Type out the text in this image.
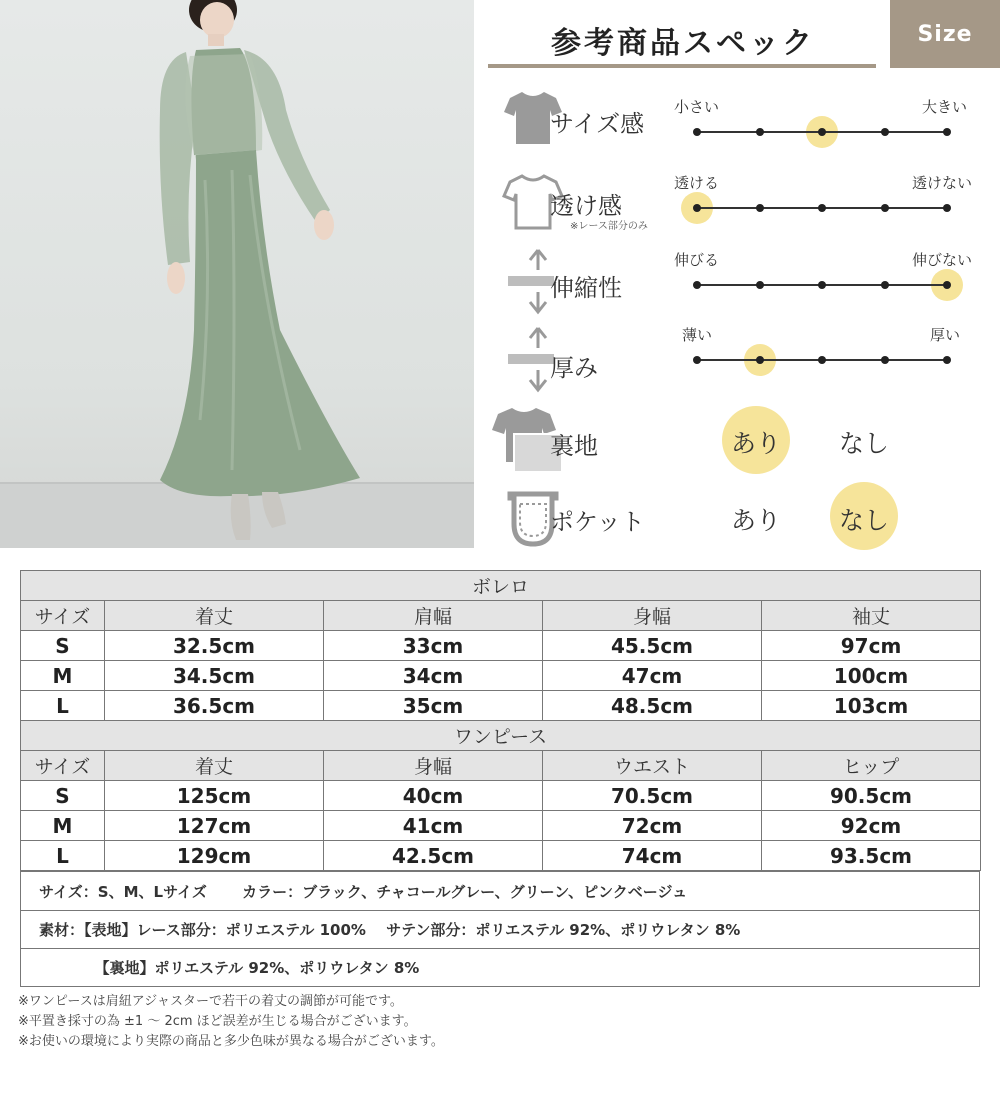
参考商品スペック	Size
サイズ感
小さい	大きい
透け感
※レース部分のみ
透ける	透けない
伸縮性
伸びる	伸びない
厚み
薄い	厚い
裏地	あり	なし
ポケット	あり	なし
ボレロ				
サイズ	着丈	肩幅	身幅	袖丈
S	32.5cm	33cm	45.5cm	97cm
M	34.5cm	34cm	47cm	100cm
L	36.5cm	35cm	48.5cm	103cm
ワンピース				
サイズ	着丈	身幅	ウエスト	ヒップ
S	125cm	40cm	70.5cm	90.5cm
M	127cm	41cm	72cm	92cm
L	129cm	42.5cm	74cm	93.5cm
サイズ：S、M、Lサイズ　　 カラー：ブラック、チャコールグレー、グリーン、ピンクベージュ
素材：【表地】レース部分：ポリエステル 100%　 サテン部分：ポリエステル 92%、ポリウレタン 8%
　　　  【裏地】ポリエステル 92%、ポリウレタン 8%
※ワンピースは肩紐アジャスターで若干の着丈の調節が可能です。
※平置き採寸の為 ±1 〜 2cm ほど誤差が生じる場合がございます。
※お使いの環境により実際の商品と多少色味が異なる場合がございます。
